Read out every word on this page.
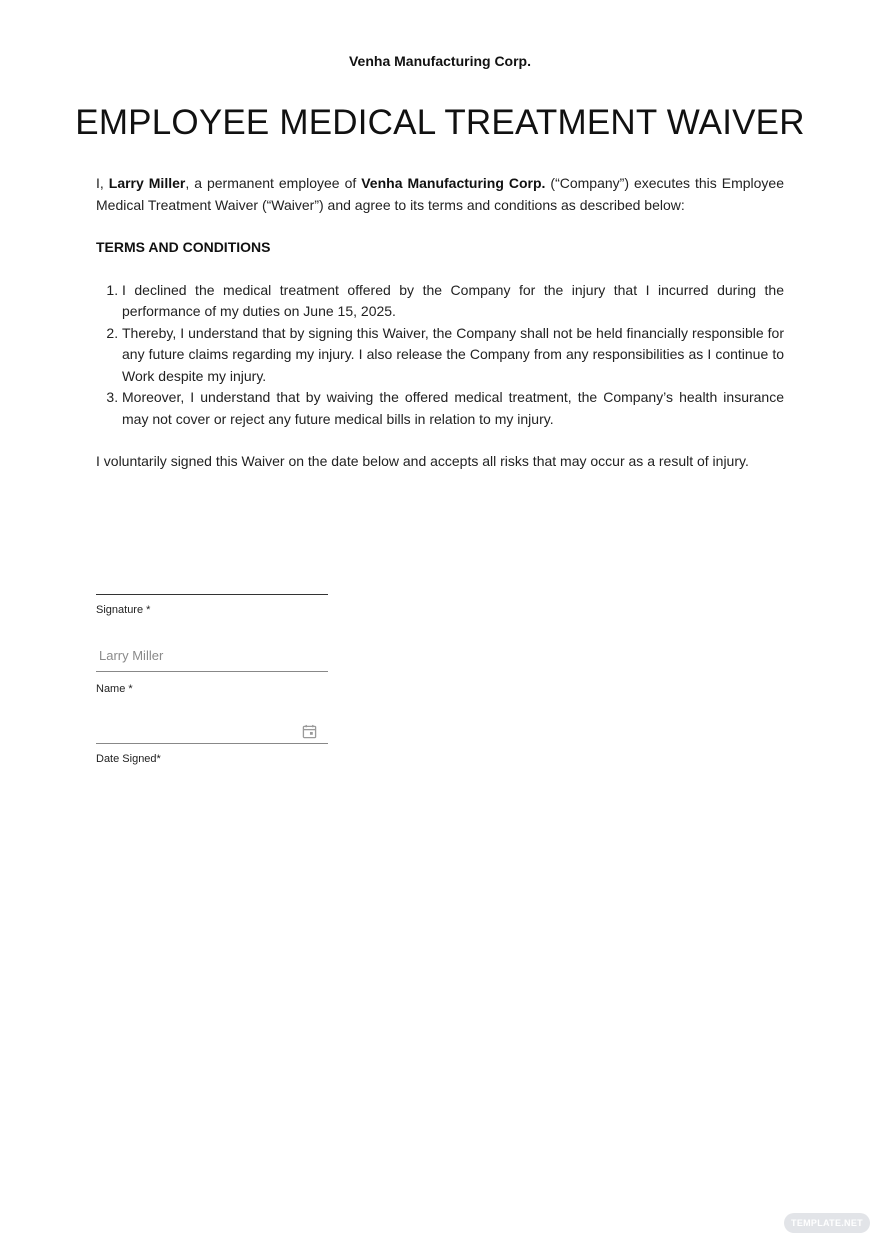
Venha Manufacturing Corp.
EMPLOYEE MEDICAL TREATMENT WAIVER

I, Larry Miller, a permanent employee of Venha Manufacturing Corp. (“Company”) executes this Employee Medical Treatment Waiver (“Waiver”) and agree to its terms and conditions as described below:

TERMS AND CONDITIONS
1. I declined the medical treatment offered by the Company for the injury that I incurred during the performance of my duties on June 15, 2025.
2. Thereby, I understand that by signing this Waiver, the Company shall not be held financially responsible for any future claims regarding my injury. I also release the Company from any responsibilities as I continue to Work despite my injury.
3. Moreover, I understand that by waiving the offered medical treatment, the Company’s health insurance may not cover or reject any future medical bills in relation to my injury.

I voluntarily signed this Waiver on the date below and accepts all risks that may occur as a result of injury.

Signature *
Larry Miller
Name *
Date Signed*
TEMPLATE.NET
